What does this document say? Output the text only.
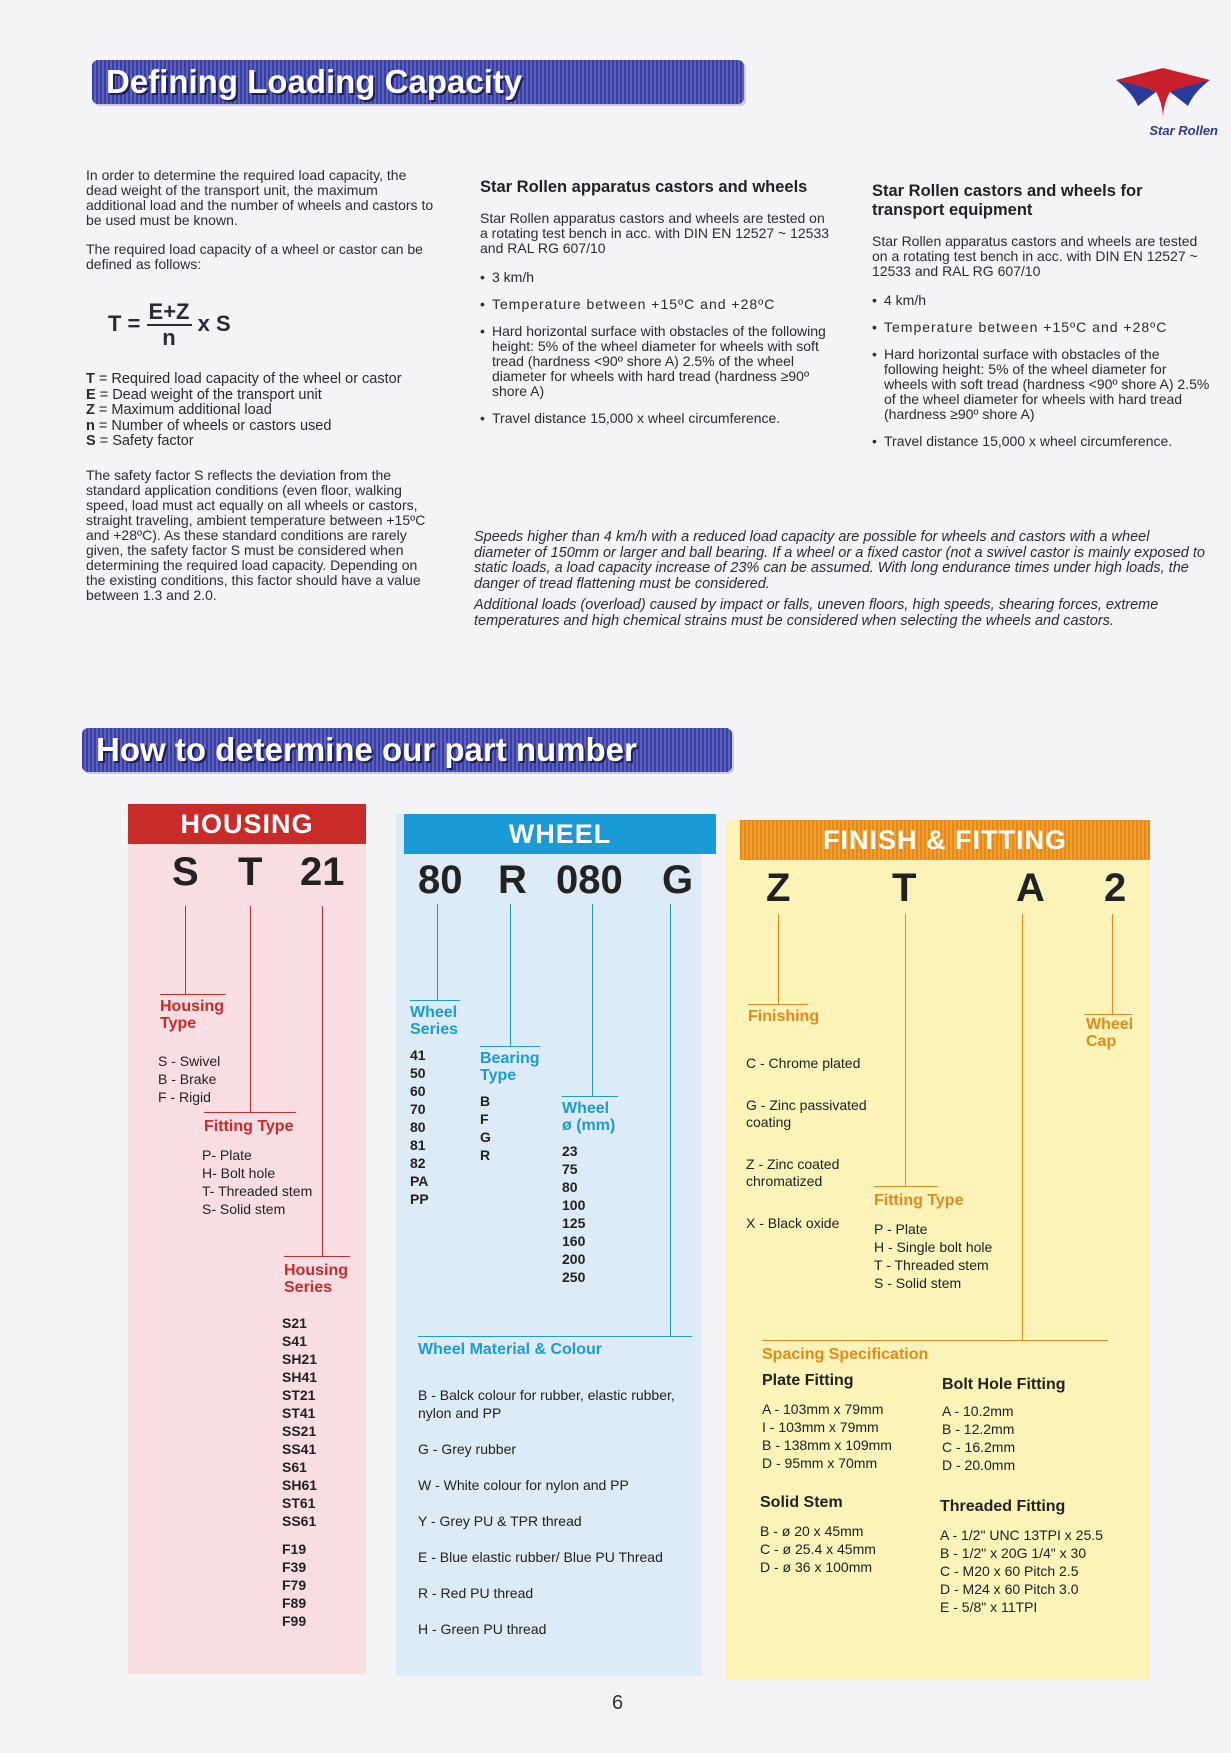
Defining Loading Capacity
Star Rollen

In order to determine the required load capacity, the dead weight of the transport unit, the maximum additional load and the number of wheels and castors to be used must be known.

The required load capacity of a wheel or castor can be defined as follows:

$T = \frac{E+Z}{n}$ x S
T = Required load capacity of the wheel or castor
E = Dead weight of the transport unit
Z = Maximum additional load
n = Number of wheels or castors used
S = Safety factor
The safety factor S reflects the deviation from the standard application conditions (even floor, walking speed, load must act equally on all wheels or castors, straight traveling, ambient temperature between +15ºC and +28ºC). As these standard conditions are rarely given, the safety factor S must be considered when determining the required load capacity. Depending on the existing conditions, this factor should have a value between 1.3 and 2.0.
Star Rollen apparatus castors and wheels
Star Rollen apparatus castors and wheels are tested on a rotating test bench in acc. with DIN EN 12527 ~ 12533 and RAL RG 607/10
• 3 km/h
• Temperature between +15ºC and +28ºC
• Hard horizontal surface with obstacles of the following height: 5% of the wheel diameter for wheels with soft tread (hardness <90º shore A) 2.5% of the wheel diameter for wheels with hard tread (hardness ≥90º shore A)
• Travel distance 15,000 x wheel circumference.
Star Rollen castors and wheels for transport equipment
Star Rollen apparatus castors and wheels are tested on a rotating test bench in acc. with DIN EN 12527 ~ 12533 and RAL RG 607/10
• 4 km/h
• Temperature between +15ºC and +28ºC
• Hard horizontal surface with obstacles of the following height: 5% of the wheel diameter for wheels with soft tread (hardness <90º shore A) 2.5% of the wheel diameter for wheels with hard tread (hardness ≥90º shore A)
• Travel distance 15,000 x wheel circumference.
Speeds higher than 4 km/h with a reduced load capacity are possible for wheels and castors with a wheel diameter of 150mm or larger and ball bearing. If a wheel or a fixed castor (not a swivel castor is mainly exposed to static loads, a load capacity increase of 23% can be assumed. With long endurance times under high loads, the danger of tread flattening must be considered.
Additional loads (overload) caused by impact or falls, uneven floors, high speeds, shearing forces, extreme temperatures and high chemical strains must be considered when selecting the wheels and castors.
How to determine our part number
HOUSING
S T 21
Housing
Type
S - Swivel
B - Brake
F - Rigid
Fitting Type
P- Plate
H- Bolt hole
T- Threaded stem
S- Solid stem
Housing
Series
S21
S41
SH21
SH41
ST21
ST41
SS21
SS41
S61
SH61
ST61
SS61
F19
F39
F79
F89
F99
WHEEL
80 R 080 G
Wheel
Series
41
50
60
70
80
81
82
PA
PP
Bearing
Type
B
F
G
R
Wheel
ø (mm)
23
75
80
100
125
160
200
250
Wheel Material & Colour

B - Balck colour for rubber, elastic rubber,
nylon and PP

G - Grey rubber

W - White colour for nylon and PP

Y - Grey PU & TPR thread

E - Blue elastic rubber/ Blue PU Thread

R - Red PU thread

H - Green PU thread

FINISH & FITTING
Z	T A 2
Finishing

C - Chrome plated

G - Zinc passivated
coating

Z - Zinc coated
chromatized

X - Black oxide

Wheel
Cap
Fitting Type
P - Plate
H - Single bolt hole
T - Threaded stem
S - Solid stem
Spacing Specification
Plate Fitting
A - 103mm x 79mm
I - 103mm x 79mm
B - 138mm x 109mm
D - 95mm x 70mm
Bolt Hole Fitting
A - 10.2mm
B - 12.2mm
C - 16.2mm
D - 20.0mm
Solid Stem
B - ø 20 x 45mm
C - ø 25.4 x 45mm
D - ø 36 x 100mm
Threaded Fitting
A - 1/2" UNC 13TPI x 25.5
B - 1/2" x 20G 1/4" x 30
C - M20 x 60 Pitch 2.5
D - M24 x 60 Pitch 3.0
E - 5/8" x 11TPI
6
